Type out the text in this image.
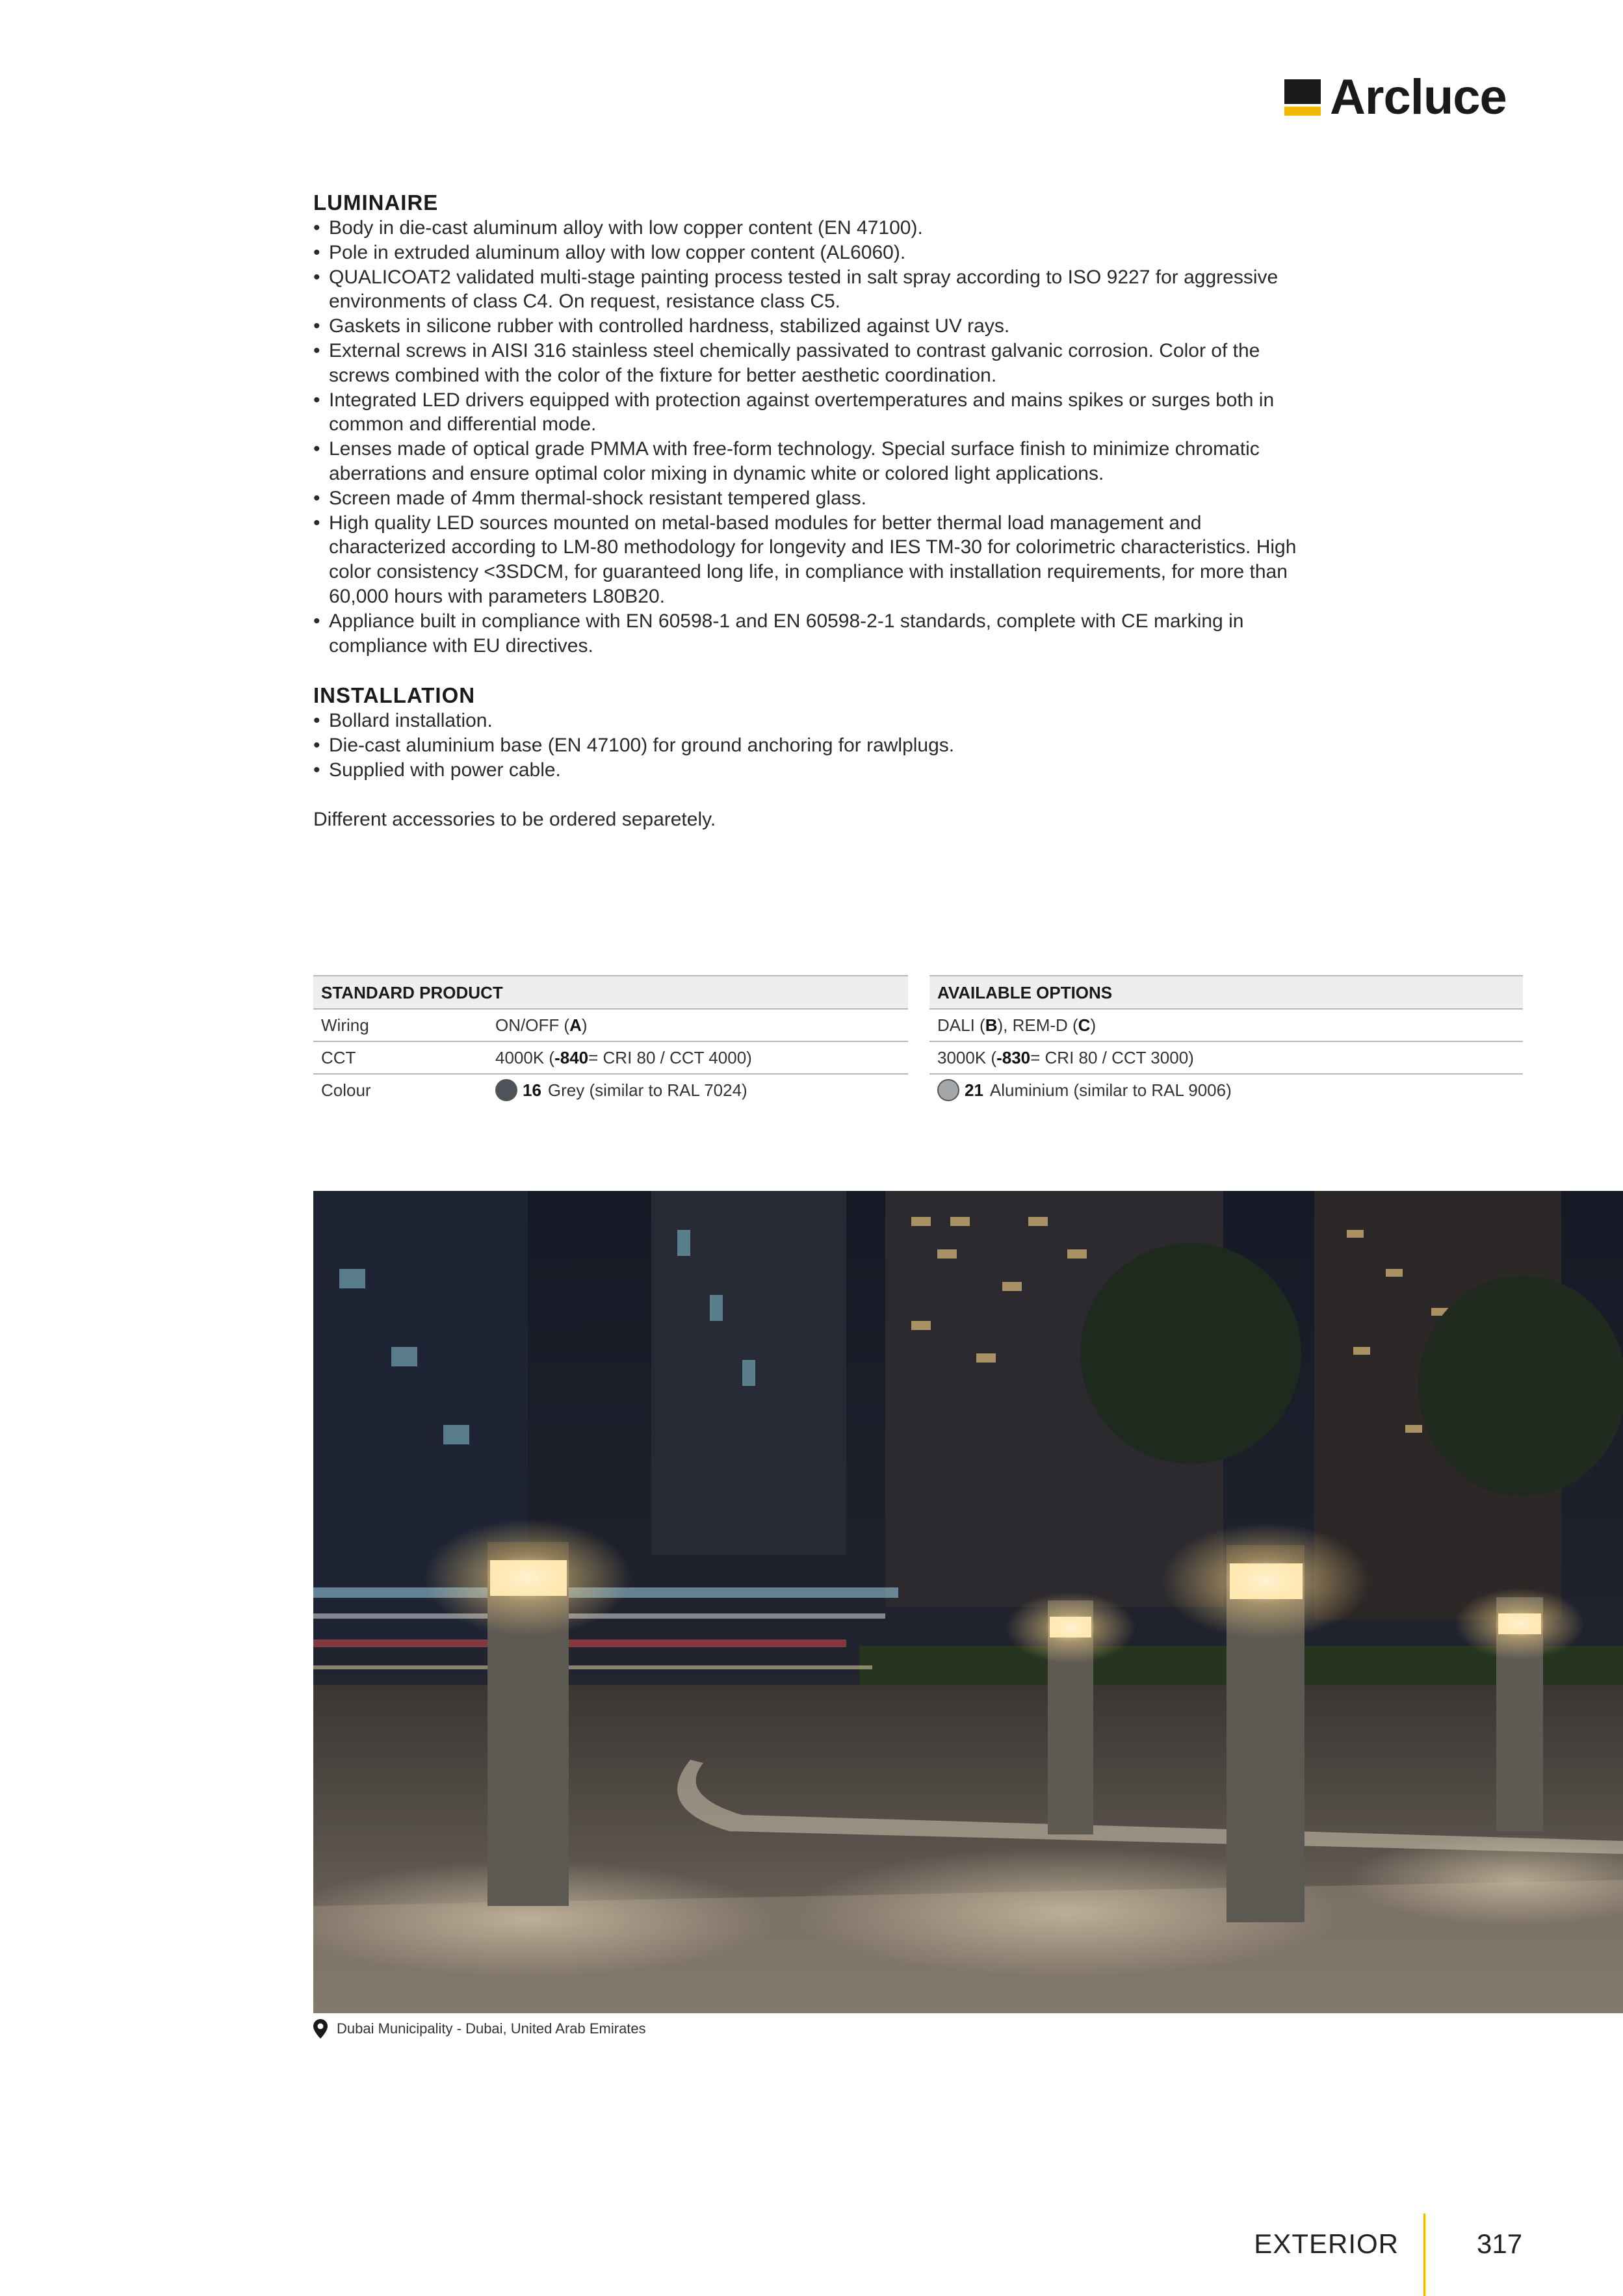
Arcluce
LUMINAIRE
• Body in die-cast aluminum alloy with low copper content (EN 47100).
• Pole in extruded aluminum alloy with low copper content (AL6060).
• QUALICOAT2 validated multi-stage painting process tested in salt spray according to ISO 9227 for aggressive environments of class C4. On request, resistance class C5.
• Gaskets in silicone rubber with controlled hardness, stabilized against UV rays.
• External screws in AISI 316 stainless steel chemically passivated to contrast galvanic corrosion. Color of the screws combined with the color of the fixture for better aesthetic coordination.
• Integrated LED drivers equipped with protection against overtemperatures and mains spikes or surges both in common and differential mode.
• Lenses made of optical grade PMMA with free-form technology. Special surface finish to minimize chromatic aberrations and ensure optimal color mixing in dynamic white or colored light applications.
• Screen made of 4mm thermal-shock resistant tempered glass.
• High quality LED sources mounted on metal-based modules for better thermal load management and characterized according to LM-80 methodology for longevity and IES TM-30 for colorimetric characteristics. High color consistency <3SDCM, for guaranteed long life, in compliance with installation requirements, for more than 60,000 hours with parameters L80B20.
• Appliance built in compliance with EN 60598-1 and EN 60598-2-1 standards, complete with CE marking in compliance with EU directives.
INSTALLATION
• Bollard installation.
• Die-cast aluminium base (EN 47100) for ground anchoring for rawlplugs.
• Supplied with power cable.

Different accessories to be ordered separetely.

STANDARD PRODUCT
Wiring	ON/OFF ( A )
CCT	4000K ( -840 = CRI 80 / CCT 4000)
Colour	16 Grey (similar to RAL 7024)
AVAILABLE OPTIONS
DALI ( B ), REM-D ( C )
3000K ( -830 = CRI 80 / CCT 3000)
21 Aluminium (similar to RAL 9006)
Dubai Municipality - Dubai, United Arab Emirates
EXTERIOR	317
